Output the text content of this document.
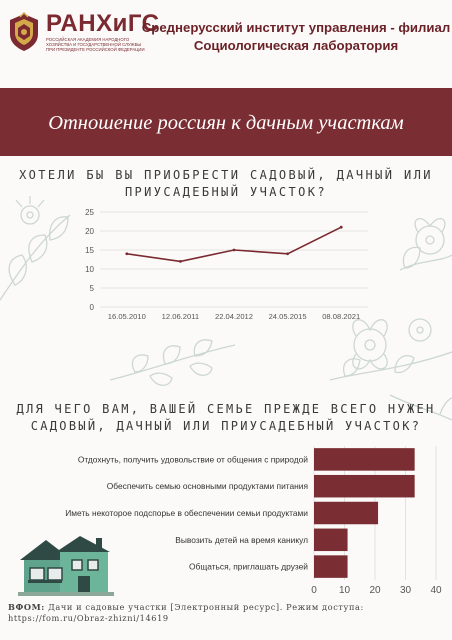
РАНХиГС
РОССИЙСКАЯ АКАДЕМИЯ НАРОДНОГО ХОЗЯЙСТВА И ГОСУДАРСТВЕННОЙ СЛУЖБЫ ПРИ ПРЕЗИДЕНТЕ РОССИЙСКОЙ ФЕДЕРАЦИИ
Среднерусский институт управления - филиал
Социологическая лаборатория
Отношение россиян к дачным участкам
ХОТЕЛИ БЫ ВЫ ПРИОБРЕСТИ САДОВЫЙ, ДАЧНЫЙ ИЛИ
ПРИУСАДЕБНЫЙ УЧАСТОК?
ДЛЯ ЧЕГО ВАМ, ВАШЕЙ СЕМЬЕ ПРЕЖДЕ ВСЕГО НУЖЕН
САДОВЫЙ, ДАЧНЫЙ ИЛИ ПРИУСАДЕБНЫЙ УЧАСТОК?
0
5
10
15
20
25
16.05.2010 12.06.2011 22.04.2012 24.05.2015 08.08.2021
0 10 20 30 40
Отдохнуть, получить удовольствие от общения с природой
Обеспечить семью основными продуктами питания
Иметь некоторое подспорье в обеспечении семьи продуктами
Вывозить детей на время каникул
Общаться, приглашать друзей
ВФОМ: Дачи и садовые участки [Электронный ресурс]. Режим доступа: https://fom.ru/Obraz-zhizni/14619
